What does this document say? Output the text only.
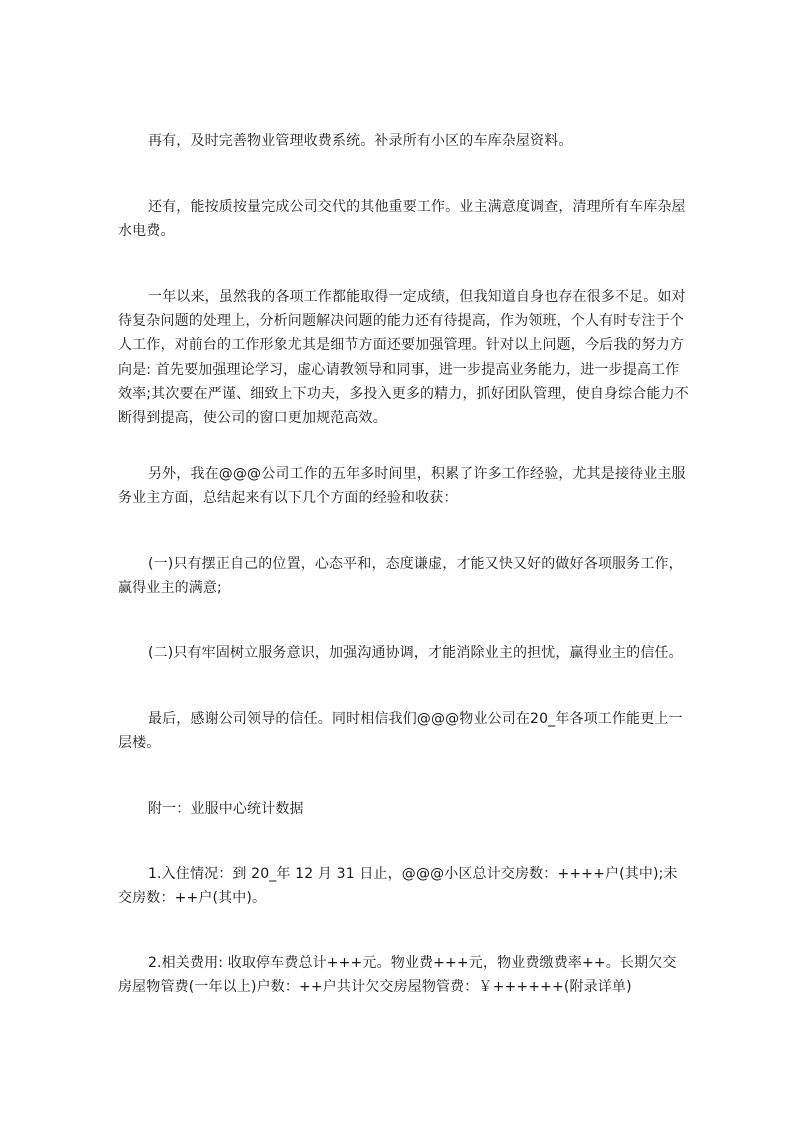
再有，及时完善物业管理收费系统。补录所有小区的车库杂屋资料。

还有，能按质按量完成公司交代的其他重要工作。业主满意度调查，清理所有车库杂屋水电费。

一年以来，虽然我的各项工作都能取得一定成绩，但我知道自身也存在很多不足。如对待复杂问题的处理上，分析问题解决问题的能力还有待提高，作为领班，个人有时专注于个人工作，对前台的工作形象尤其是细节方面还要加强管理。针对以上问题，今后我的努力方向是: 首先要加强理论学习，虚心请教领导和同事，进一步提高业务能力，进一步提高工作效率;其次要在严谨、细致上下功夫，多投入更多的精力，抓好团队管理，使自身综合能力不断得到提高，使公司的窗口更加规范高效。

另外，我在@@@公司工作的五年多时间里，积累了许多工作经验，尤其是接待业主服务业主方面，总结起来有以下几个方面的经验和收获：

(一)只有摆正自己的位置，心态平和，态度谦虚，才能又快又好的做好各项服务工作，赢得业主的满意;

(二)只有牢固树立服务意识，加强沟通协调，才能消除业主的担忧，赢得业主的信任。

最后，感谢公司领导的信任。同时相信我们@@@物业公司在20_年各项工作能更上一层楼。

附一：业服中心统计数据

1.入住情况：到 20_年 12 月 31 日止，@@@小区总计交房数：++++户(其中);未交房数：++户(其中)。

2.相关费用: 收取停车费总计+++元。物业费+++元，物业费缴费率++。长期欠交房屋物管费(一年以上)户数：++户共计欠交房屋物管费：￥++++++(附录详单)
